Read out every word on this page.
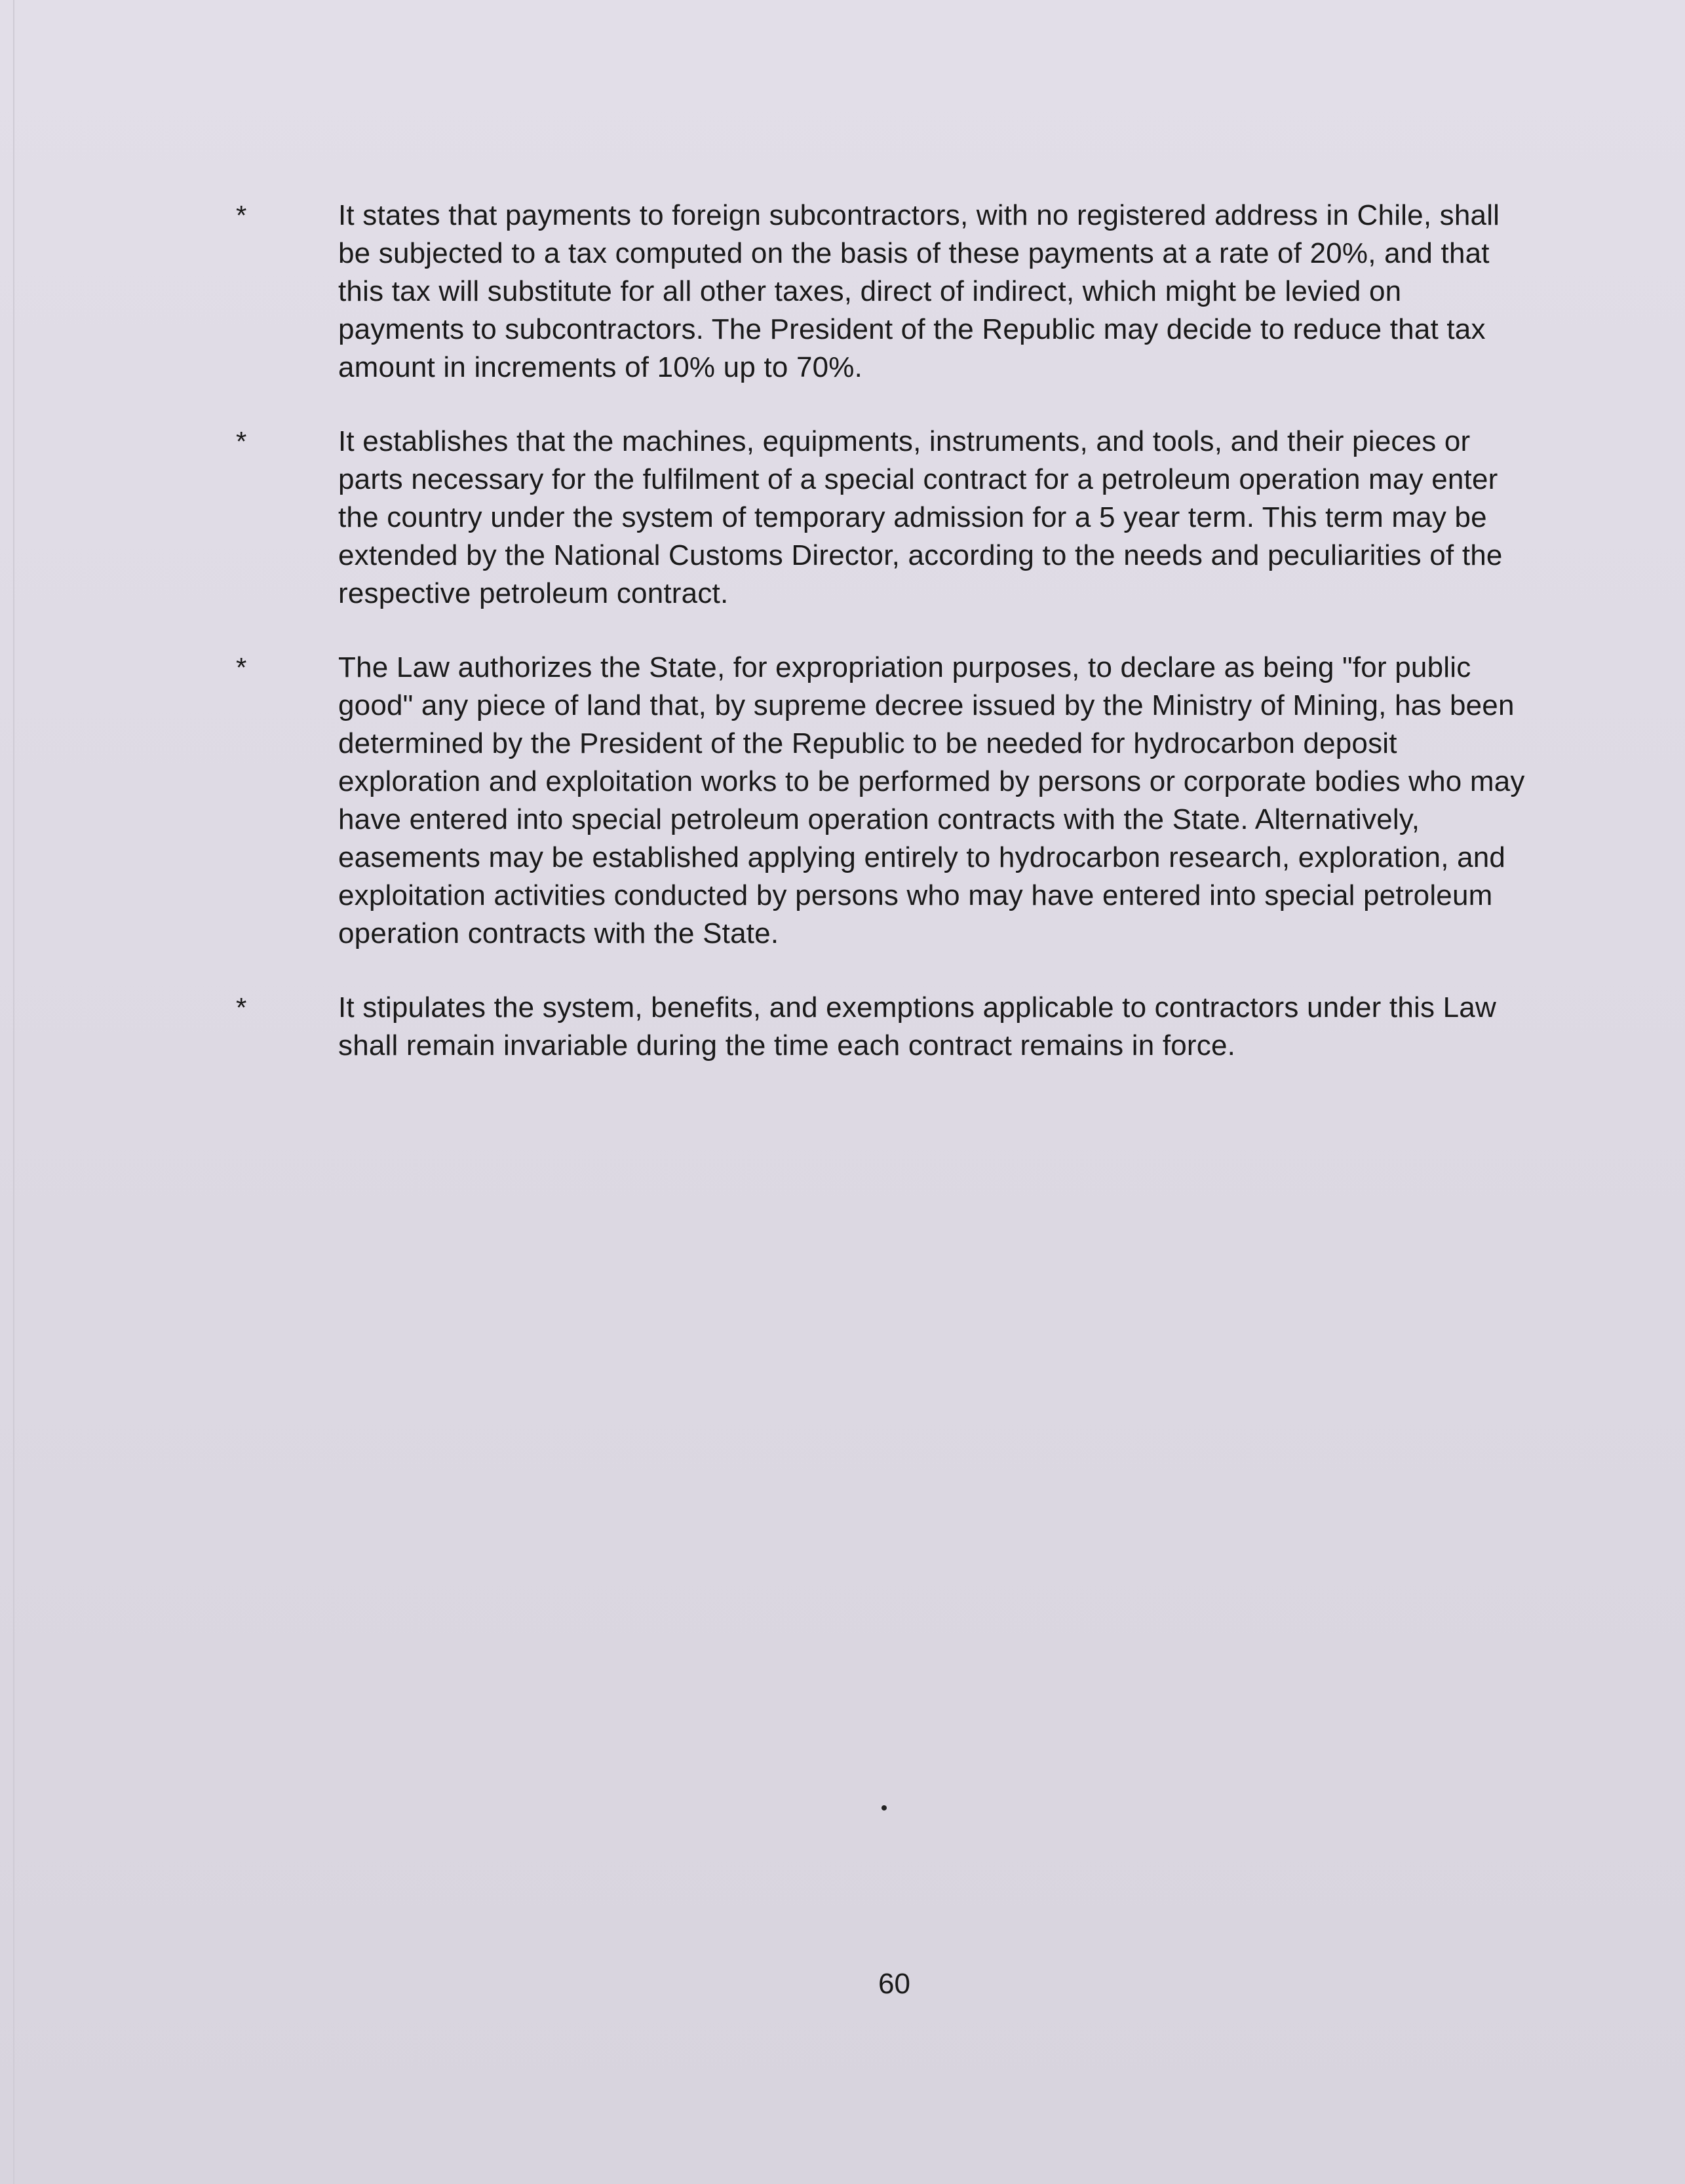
*	It states that payments to foreign subcontractors, with no registered address in Chile, shall be subjected to a tax computed on the basis of these payments at a rate of 20%, and that this tax will substitute for all other taxes, direct of indirect, which might be levied on payments to subcontractors. The President of the Republic may decide to reduce that tax amount in increments of 10% up to 70%.

*	It establishes that the machines, equipments, instruments, and tools, and their pieces or parts necessary for the fulfilment of a special contract for a petroleum operation may enter the country under the system of temporary admission for a 5 year term. This term may be extended by the National Customs Director, according to the needs and peculiarities of the respective petroleum contract.

*	The Law authorizes the State, for expropriation purposes, to declare as being "for public good" any piece of land that, by supreme decree issued by the Ministry of Mining, has been determined by the President of the Republic to be needed for hydrocarbon deposit exploration and exploitation works to be performed by persons or corporate bodies who may have entered into special petroleum operation contracts with the State. Alternatively, easements may be established applying entirely to hydrocarbon research, exploration, and exploitation activities conducted by persons who may have entered into special petroleum operation contracts with the State.

*	It stipulates the system, benefits, and exemptions applicable to contractors under this Law shall remain invariable during the time each contract remains in force.

60
